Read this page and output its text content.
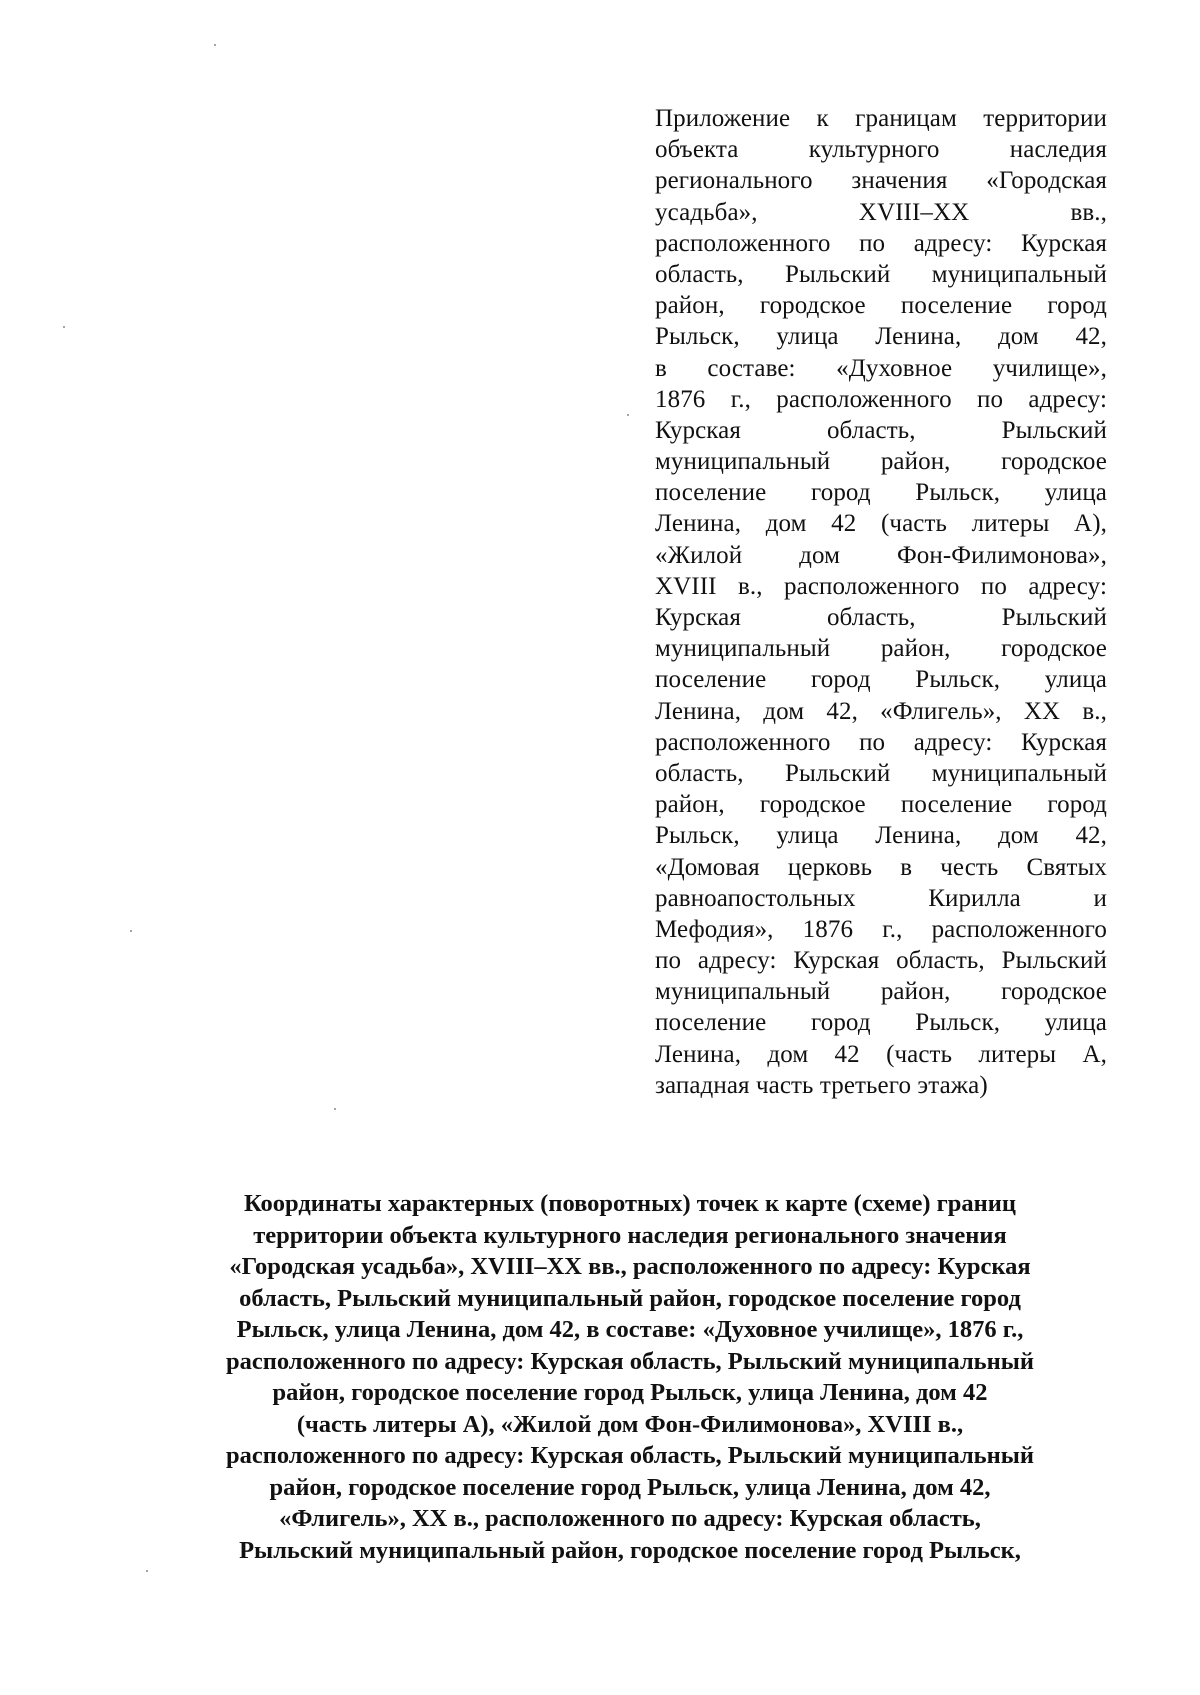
Приложение к границам территории
объекта культурного наследия
регионального значения «Городская
усадьба», XVIII–XX вв.,
расположенного по адресу: Курская
область, Рыльский муниципальный
район, городское поселение город
Рыльск, улица Ленина, дом 42,
в составе: «Духовное училище»,
1876 г., расположенного по адресу:
Курская область, Рыльский
муниципальный район, городское
поселение город Рыльск, улица
Ленина, дом 42 (часть литеры А),
«Жилой дом Фон-Филимонова»,
XVIII в., расположенного по адресу:
Курская область, Рыльский
муниципальный район, городское
поселение город Рыльск, улица
Ленина, дом 42, «Флигель», XX в.,
расположенного по адресу: Курская
область, Рыльский муниципальный
район, городское поселение город
Рыльск, улица Ленина, дом 42,
«Домовая церковь в честь Святых
равноапостольных Кирилла и
Мефодия», 1876 г., расположенного
по адресу: Курская область, Рыльский
муниципальный район, городское
поселение город Рыльск, улица
Ленина, дом 42 (часть литеры А,
западная часть третьего этажа)
Координаты характерных (поворотных) точек к карте (схеме) границ
территории объекта культурного наследия регионального значения
«Городская усадьба», XVIII–XX вв., расположенного по адресу: Курская
область, Рыльский муниципальный район, городское поселение город
Рыльск, улица Ленина, дом 42, в составе: «Духовное училище», 1876 г.,
расположенного по адресу: Курская область, Рыльский муниципальный
район, городское поселение город Рыльск, улица Ленина, дом 42
(часть литеры А), «Жилой дом Фон-Филимонова», XVIII в.,
расположенного по адресу: Курская область, Рыльский муниципальный
район, городское поселение город Рыльск, улица Ленина, дом 42,
«Флигель», XX в., расположенного по адресу: Курская область,
Рыльский муниципальный район, городское поселение город Рыльск,
